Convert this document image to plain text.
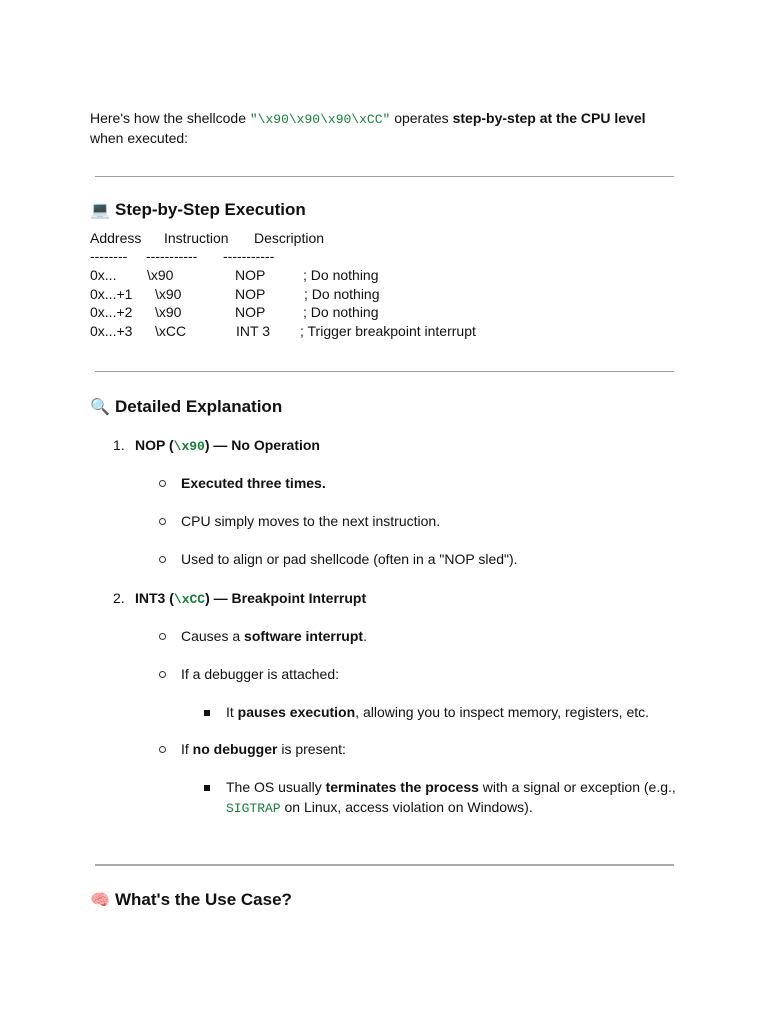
Here's how the shellcode "\x90\x90\x90\xCC" operates step-by-step at the CPU level
when executed:
💻 Step-by-Step Execution
Address Instruction Description
-------- ----------- -----------
0x... \x90	NOP	; Do nothing
0x...+1 \x90	NOP	; Do nothing
0x...+2 \x90	NOP	; Do nothing
0x...+3 \xCC	INT 3 ; Trigger breakpoint interrupt
🔍 Detailed Explanation
1. NOP (\x90) — No Operation
Executed three times.
CPU simply moves to the next instruction.
Used to align or pad shellcode (often in a "NOP sled").
2. INT3 (\xCC) — Breakpoint Interrupt
Causes a software interrupt.
If a debugger is attached:
It pauses execution, allowing you to inspect memory, registers, etc.
If no debugger is present:
The OS usually terminates the process with a signal or exception (e.g.,
SIGTRAP on Linux, access violation on Windows).
🧠 What's the Use Case?
